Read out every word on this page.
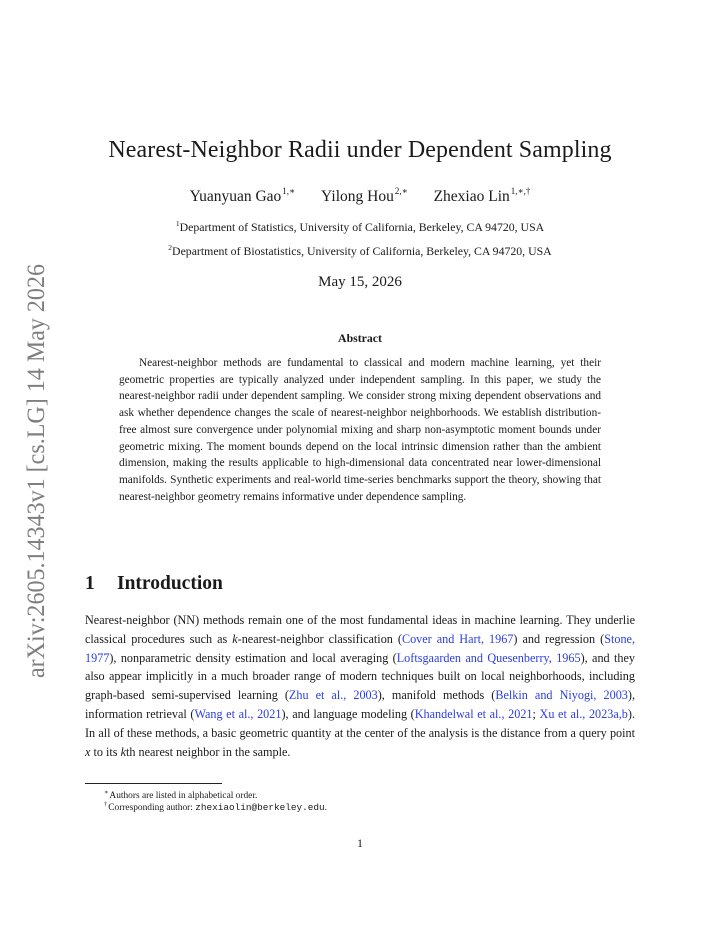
arXiv:2605.14343v1 [cs.LG] 14 May 2026
Nearest-Neighbor Radii under Dependent Sampling
Yuanyuan Gao$^{1,∗}$ Yilong Hou$^{2,∗}$ Zhexiao Lin$^{1,∗,\dagger}$
$^1$Department of Statistics, University of California, Berkeley, CA 94720, USA
$^2$Department of Biostatistics, University of California, Berkeley, CA 94720, USA
May 15, 2026
Abstract
Nearest-neighbor methods are fundamental to classical and modern machine learning, yet their geometric properties are typically analyzed under independent sampling. In this paper, we study the nearest-neighbor radii under dependent sampling. We consider strong mixing dependent observations and ask whether dependence changes the scale of nearest-neighbor neighborhoods. We establish distribution-free almost sure convergence under polynomial mixing and sharp non-asymptotic moment bounds under geometric mixing. The moment bounds depend on the local intrinsic dimension rather than the ambient dimension, making the results applicable to high-dimensional data concentrated near lower-dimensional manifolds. Synthetic experiments and real-world time-series benchmarks support the theory, showing that nearest-neighbor geometry remains informative under dependence sampling.
1 Introduction
Nearest-neighbor (NN) methods remain one of the most fundamental ideas in machine learning. They underlie classical procedures such as k-nearest-neighbor classification (Cover and Hart, 1967) and regression (Stone, 1977), nonparametric density estimation and local averaging (Loftsgaarden and Quesenberry, 1965), and they also appear implicitly in a much broader range of modern techniques built on local neighborhoods, including graph-based semi-supervised learning (Zhu et al., 2003), manifold methods (Belkin and Niyogi, 2003), information retrieval (Wang et al., 2021), and language modeling (Khandelwal et al., 2021; Xu et al., 2023a,b). In all of these methods, a basic geometric quantity at the center of the analysis is the distance from a query point x to its kth nearest neighbor in the sample.
∗Authors are listed in alphabetical order.
†Corresponding author: zhexiaolin@berkeley.edu.
1
